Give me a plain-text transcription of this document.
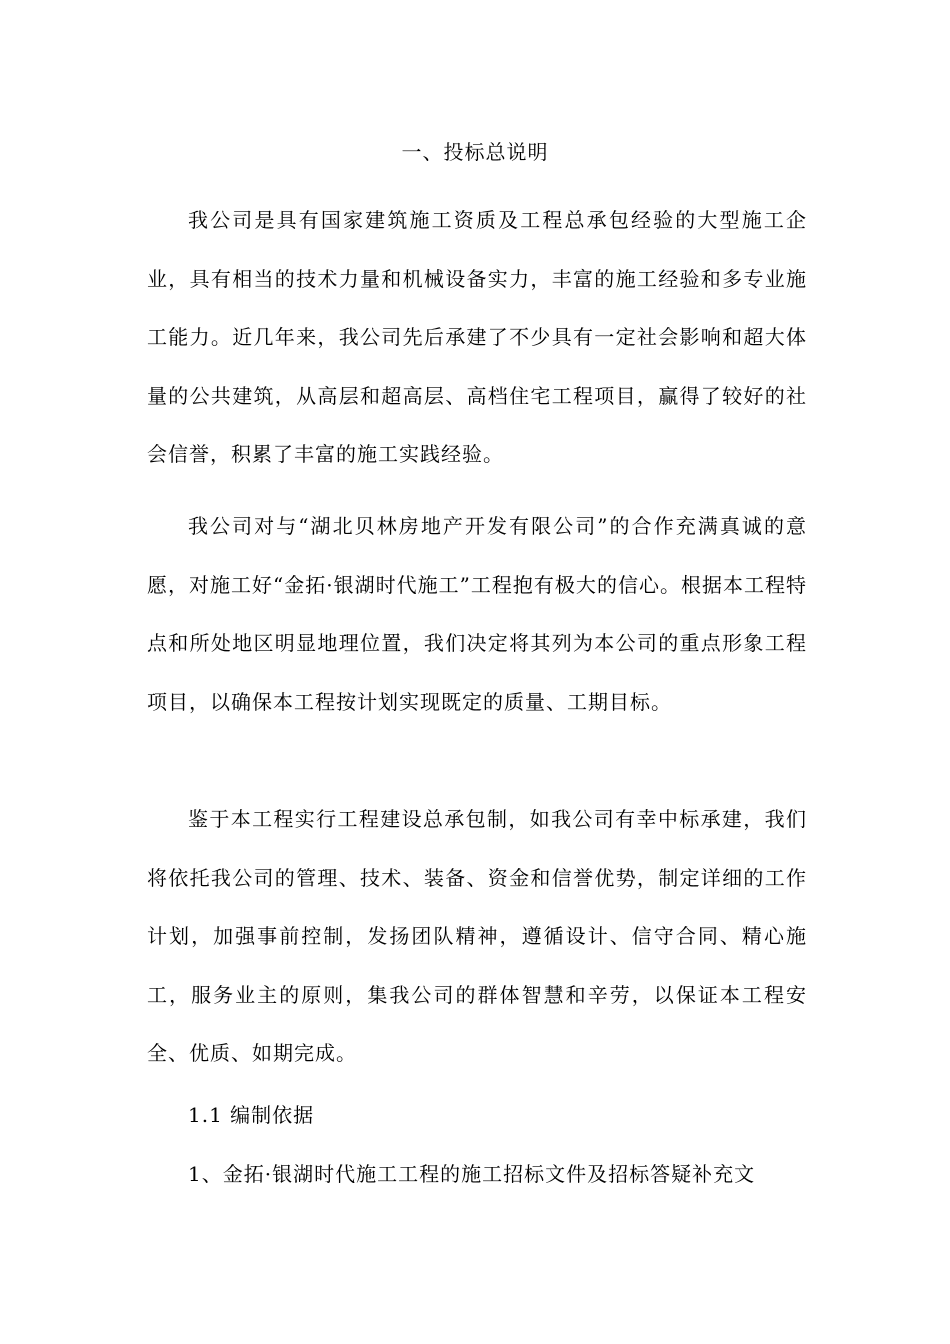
一、投标总说明
我公司是具有国家建筑施工资质及工程总承包经验的大型施工企业，具有相当的技术力量和机械设备实力，丰富的施工经验和多专业施工能力。近几年来，我公司先后承建了不少具有一定社会影响和超大体量的公共建筑，从高层和超高层、高档住宅工程项目，赢得了较好的社会信誉，积累了丰富的施工实践经验。
我公司对与“湖北贝林房地产开发有限公司”的合作充满真诚的意愿，对施工好“金拓·银湖时代施工”工程抱有极大的信心。根据本工程特点和所处地区明显地理位置，我们决定将其列为本公司的重点形象工程项目，以确保本工程按计划实现既定的质量、工期目标。
鉴于本工程实行工程建设总承包制，如我公司有幸中标承建，我们将依托我公司的管理、技术、装备、资金和信誉优势，制定详细的工作计划，加强事前控制，发扬团队精神，遵循设计、信守合同、精心施工，服务业主的原则，集我公司的群体智慧和辛劳，以保证本工程安全、优质、如期完成。
1.1 编制依据
1、金拓·银湖时代施工工程的施工招标文件及招标答疑补充文
